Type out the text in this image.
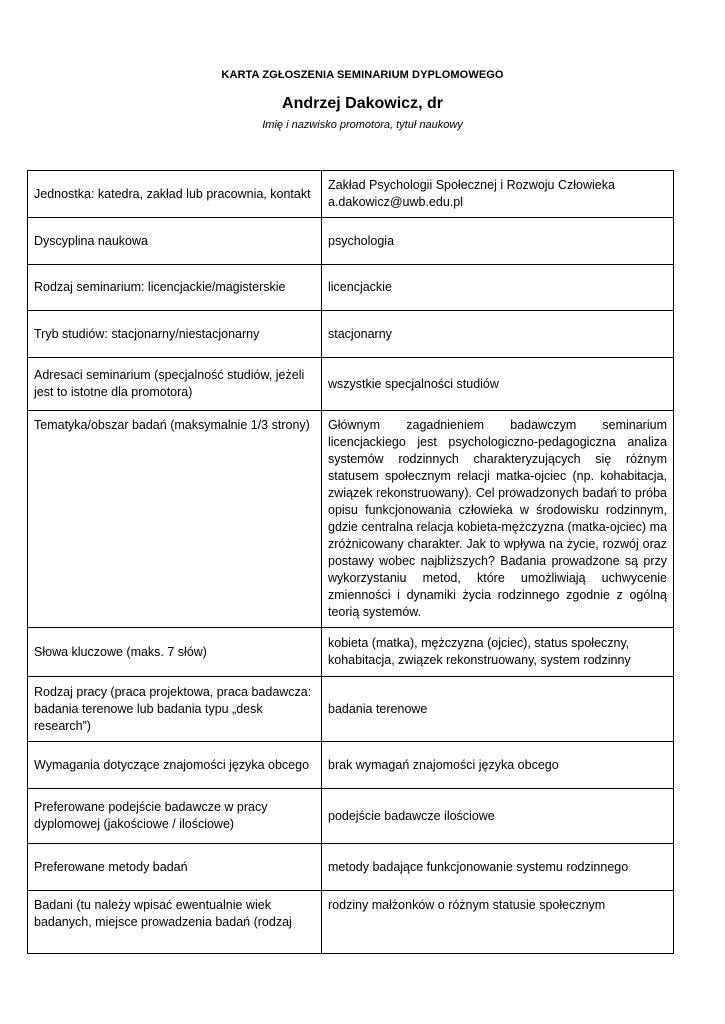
KARTA ZGŁOSZENIA SEMINARIUM DYPLOMOWEGO
Andrzej Dakowicz, dr
Imię i nazwisko promotora, tytuł naukowy
Jednostka: katedra, zakład lub pracownia, kontakt	Zakład Psychologii Społecznej i Rozwoju Człowieka
a.dakowicz@uwb.edu.pl

Dyscyplina naukowa	psychologia
Rodzaj seminarium: licencjackie/magisterskie	licencjackie
Tryb studiów: stacjonarny/niestacjonarny	stacjonarny
Adresaci seminarium (specjalność studiów, jeżeli jest to istotne dla promotora)	wszystkie specjalności studiów
Tematyka/obszar badań (maksymalnie 1/3 strony)	Głównym zagadnieniem badawczym seminarium licencjackiego jest psychologiczno-pedagogiczna analiza systemów rodzinnych charakteryzujących się różnym statusem społecznym relacji matka-ojciec (np. kohabitacja, związek rekonstruowany). Cel prowadzonych badań to próba opisu funkcjonowania człowieka w środowisku rodzinnym, gdzie centralna relacja kobieta-mężczyzna (matka-ojciec) ma zróżnicowany charakter. Jak to wpływa na życie, rozwój oraz postawy wobec najbliższych? Badania prowadzone są przy wykorzystaniu metod, które umożliwiają uchwycenie zmienności i dynamiki życia rodzinnego zgodnie z ogólną teorią systemów.
Słowa kluczowe (maks. 7 słów)	kobieta (matka), mężczyzna (ojciec), status społeczny, kohabitacja, związek rekonstruowany, system rodzinny
Rodzaj pracy (praca projektowa, praca badawcza: badania terenowe lub badania typu „desk research”)	badania terenowe
Wymagania dotyczące znajomości języka obcego	brak wymagań znajomości języka obcego
Preferowane podejście badawcze w pracy dyplomowej (jakościowe / ilościowe)	podejście badawcze ilościowe
Preferowane metody badań	metody badające funkcjonowanie systemu rodzinnego
Badani (tu należy wpisać ewentualnie wiek badanych, miejsce prowadzenia badań (rodzaj	rodziny małżonków o różnym statusie społecznym
